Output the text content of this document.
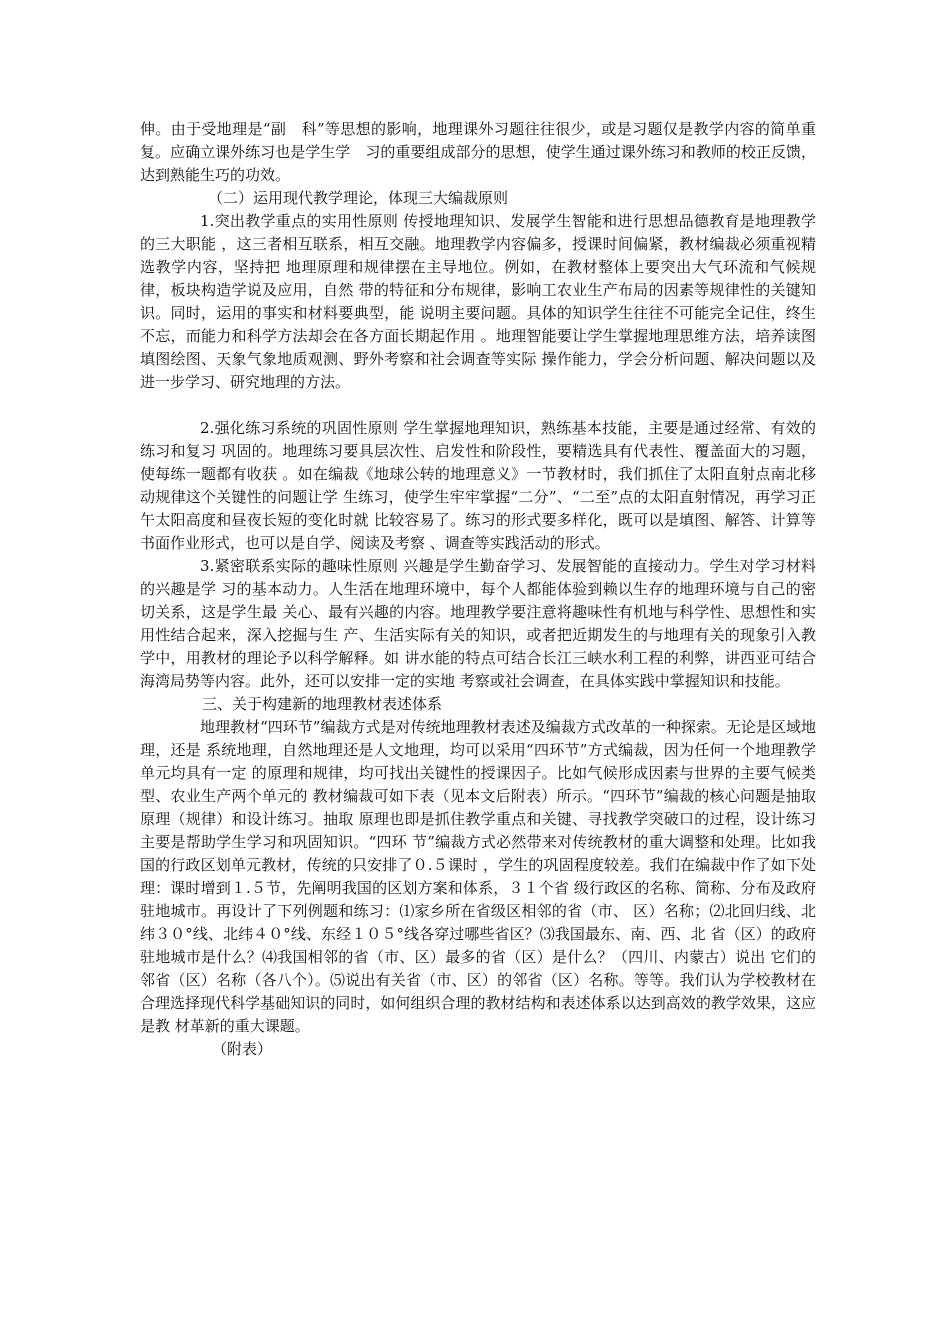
伸。由于受地理是“副　科”等思想的影响，地理课外习题往往很少，或是习题仅是教学内容的简单重复。应确立课外练习也是学生学　习的重要组成部分的思想，使学生通过课外练习和教师的校正反馈，达到熟能生巧的功效。

（二）运用现代教学理论，体现三大编裁原则

1.突出教学重点的实用性原则 传授地理知识、发展学生智能和进行思想品德教育是地理教学的三大职能 ，这三者相互联系，相互交融。地理教学内容偏多，授课时间偏紧，教材编裁必须重视精选教学内容，坚持把 地理原理和规律摆在主导地位。例如，在教材整体上要突出大气环流和气候规律，板块构造学说及应用，自然 带的特征和分布规律，影响工农业生产布局的因素等规律性的关键知识。同时，运用的事实和材料要典型，能 说明主要问题。具体的知识学生往往不可能完全记住，终生不忘，而能力和科学方法却会在各方面长期起作用 。地理智能要让学生掌握地理思维方法，培养读图填图绘图、天象气象地质观测、野外考察和社会调查等实际 操作能力，学会分析问题、解决问题以及进一步学习、研究地理的方法。

2.强化练习系统的巩固性原则 学生掌握地理知识，熟练基本技能，主要是通过经常、有效的练习和复习 巩固的。地理练习要具层次性、启发性和阶段性，要精选具有代表性、覆盖面大的习题，使每练一题都有收获 。如在编裁《地球公转的地理意义》一节教材时，我们抓住了太阳直射点南北移动规律这个关键性的问题让学 生练习，使学生牢牢掌握“二分”、“二至”点的太阳直射情况，再学习正午太阳高度和昼夜长短的变化时就 比较容易了。练习的形式要多样化，既可以是填图、解答、计算等书面作业形式，也可以是自学、阅读及考察 、调查等实践活动的形式。

3.紧密联系实际的趣味性原则 兴趣是学生勤奋学习、发展智能的直接动力。学生对学习材料的兴趣是学 习的基本动力。人生活在地理环境中，每个人都能体验到赖以生存的地理环境与自己的密切关系，这是学生最 关心、最有兴趣的内容。地理教学要注意将趣味性有机地与科学性、思想性和实用性结合起来，深入挖掘与生 产、生活实际有关的知识，或者把近期发生的与地理有关的现象引入教学中，用教材的理论予以科学解释。如 讲水能的特点可结合长江三峡水利工程的利弊，讲西亚可结合海湾局势等内容。此外，还可以安排一定的实地 考察或社会调查，在具体实践中掌握知识和技能。

三、关于构建新的地理教材表述体系

地理教材“四环节”编裁方式是对传统地理教材表述及编裁方式改革的一种探索。无论是区域地理，还是 系统地理，自然地理还是人文地理，均可以采用“四环节”方式编裁，因为任何一个地理教学单元均具有一定 的原理和规律，均可找出关键性的授课因子。比如气候形成因素与世界的主要气候类型、农业生产两个单元的 教材编裁可如下表（见本文后附表）所示。“四环节”编裁的核心问题是抽取原理（规律）和设计练习。抽取 原理也即是抓住教学重点和关键、寻找教学突破口的过程，设计练习主要是帮助学生学习和巩固知识。“四环 节”编裁方式必然带来对传统教材的重大调整和处理。比如我国的行政区划单元教材，传统的只安排了０.５课时 ，学生的巩固程度较差。我们在编裁中作了如下处理：课时增到１.５节，先阐明我国的区划方案和体系，３１个省 级行政区的名称、简称、分布及政府驻地城市。再设计了下列例题和练习：⑴家乡所在省级区相邻的省（市、 区）名称；⑵北回归线、北纬３０°线、北纬４０°线、东经１０５°线各穿过哪些省区？⑶我国最东、南、西、北 省（区）的政府驻地城市是什么？⑷我国相邻的省（市、区）最多的省（区）是什么？（四川、内蒙古）说出 它们的邻省（区）名称（各八个）。⑸说出有关省（市、区）的邻省（区）名称。等等。我们认为学校教材在 合理选择现代科学基础知识的同时，如何组织合理的教材结构和表述体系以达到高效的教学效果，这应是教 材革新的重大课题。

（附表）
